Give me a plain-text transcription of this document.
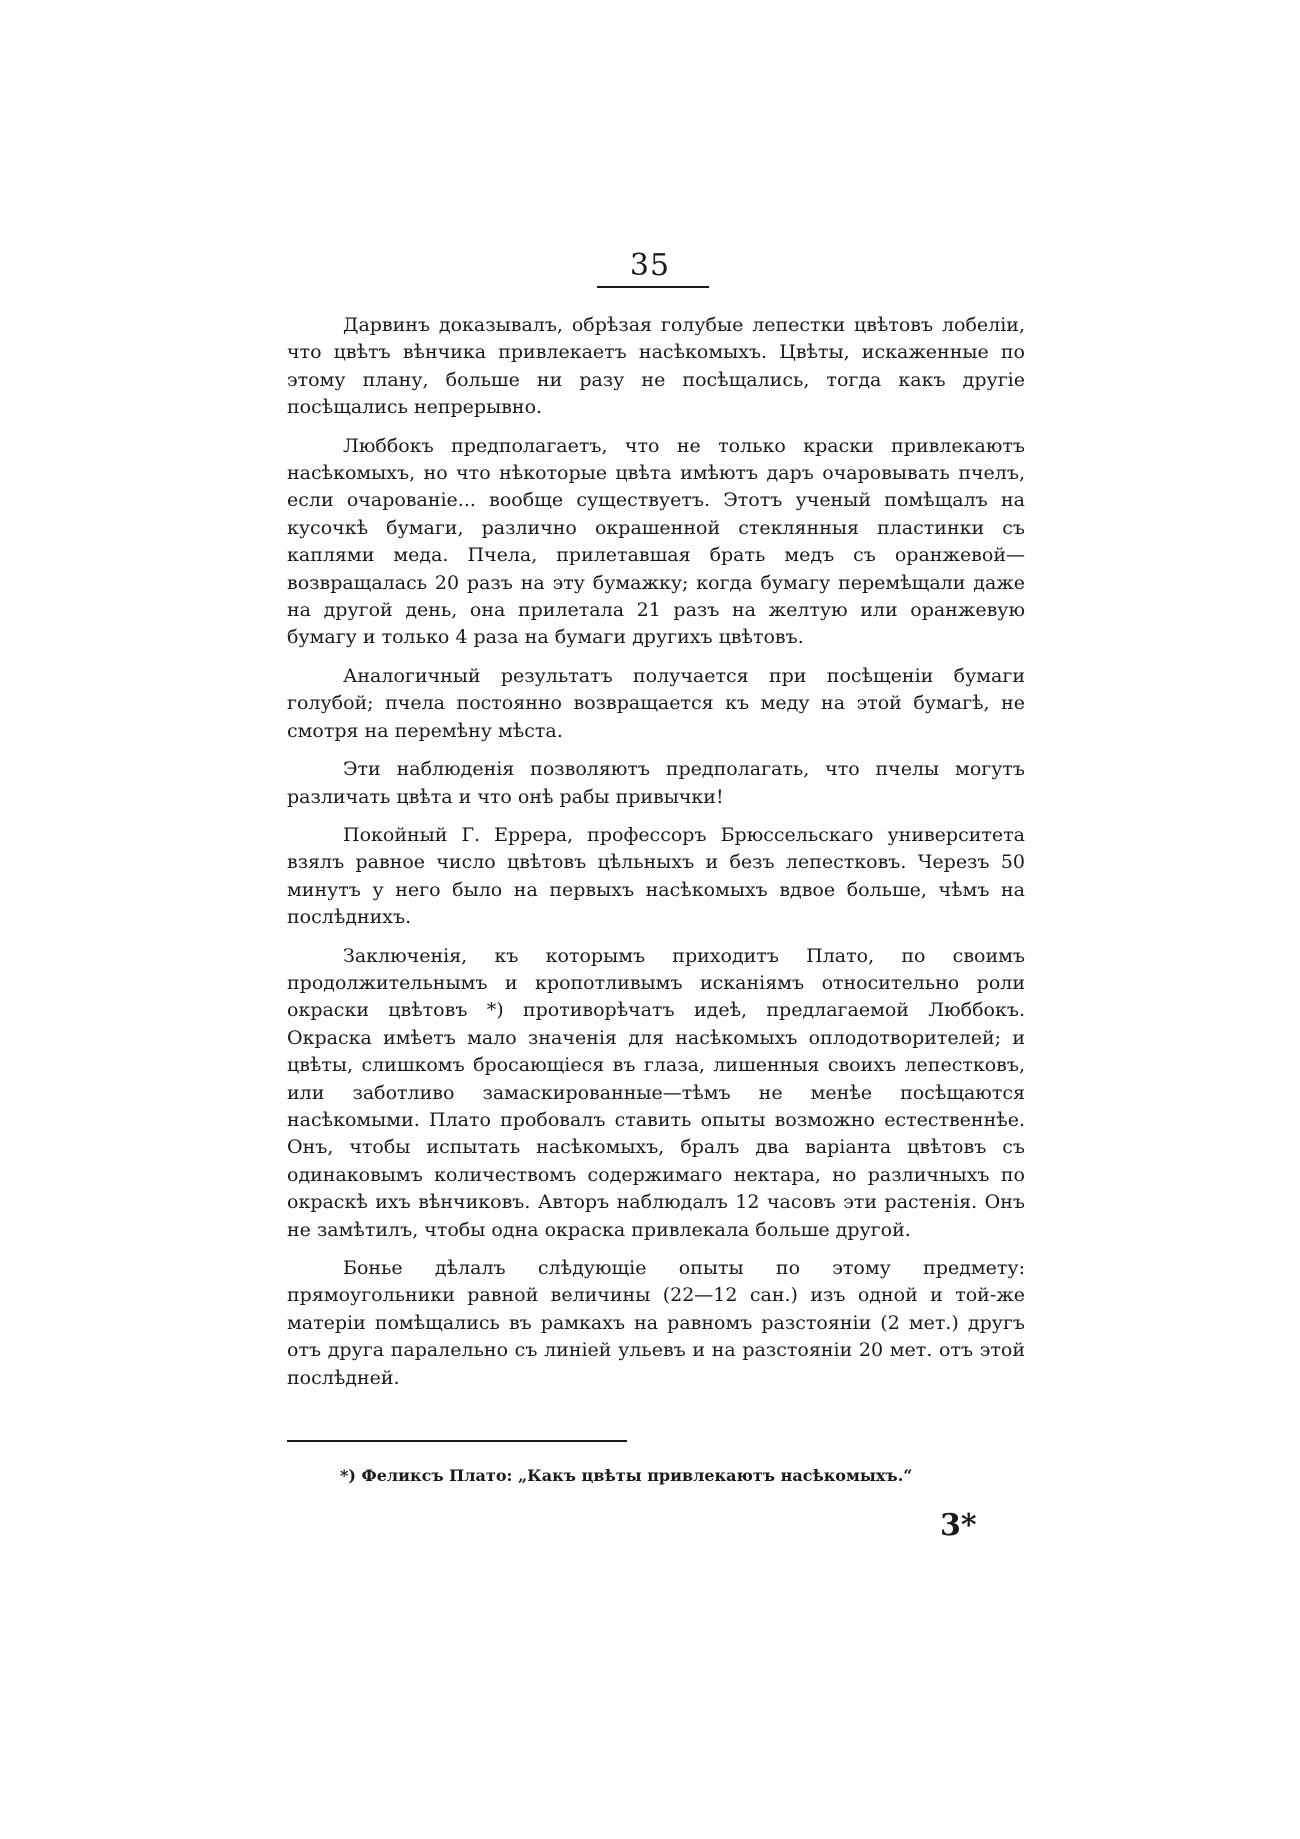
35

Дарвинъ доказывалъ, обрѣзая голубые лепестки цвѣтовъ лобеліи, что цвѣтъ вѣнчика привлекаетъ насѣкомыхъ. Цвѣты, искаженные по этому плану, больше ни разу не посѣщались, тогда какъ другіе посѣщались непрерывно.

Люббокъ предполагаетъ, что не только краски привлекаютъ насѣкомыхъ, но что нѣкоторые цвѣта имѣютъ даръ очаровывать пчелъ, если очарованіе... вообще существуетъ. Этотъ ученый помѣщалъ на кусочкѣ бумаги, различно окрашенной стеклянныя пластинки съ каплями меда. Пчела, прилетавшая брать медъ съ оранжевой—возвращалась 20 разъ на эту бумажку; когда бумагу перемѣщали даже на другой день, она прилетала 21 разъ на желтую или оранжевую бумагу и только 4 раза на бумаги другихъ цвѣтовъ.

Аналогичный результатъ получается при посѣщеніи бумаги голубой; пчела постоянно возвращается къ меду на этой бумагѣ, не смотря на перемѣну мѣста.

Эти наблюденія позволяютъ предполагать, что пчелы могутъ различать цвѣта и что онѣ рабы привычки!

Покойный Г. Еррера, профессоръ Брюссельскаго университета взялъ равное число цвѣтовъ цѣльныхъ и безъ лепестковъ. Черезъ 50 минутъ у него было на первыхъ насѣкомыхъ вдвое больше, чѣмъ на послѣднихъ.

Заключенія, къ которымъ приходитъ Плато, по своимъ продолжительнымъ и кропотливымъ исканіямъ относительно роли окраски цвѣтовъ *) противорѣчатъ идеѣ, предлагаемой Люббокъ. Окраска имѣетъ мало значенія для насѣкомыхъ оплодотворителей; и цвѣты, слишкомъ бросающіеся въ глаза, лишенныя своихъ лепестковъ, или заботливо замаскированные—тѣмъ не менѣе посѣщаются насѣкомыми. Плато пробовалъ ставить опыты возможно естественнѣе. Онъ, чтобы испытать насѣкомыхъ, бралъ два варіанта цвѣтовъ съ одинаковымъ количествомъ содержимаго нектара, но различныхъ по окраскѣ ихъ вѣнчиковъ. Авторъ наблюдалъ 12 часовъ эти растенія. Онъ не замѣтилъ, чтобы одна окраска привлекала больше другой.

Боньe дѣлалъ слѣдующіе опыты по этому предмету: прямоугольники равной величины (22—12 сан.) изъ одной и той-же матеріи помѣщались въ рамкахъ на равномъ разстояніи (2 мет.) другъ отъ друга паралельно съ линіей ульевъ и на разстояніи 20 мет. отъ этой послѣдней.

*) Феликсъ Плато: „Какъ цвѣты привлекаютъ насѣкомыхъ.“
3*
